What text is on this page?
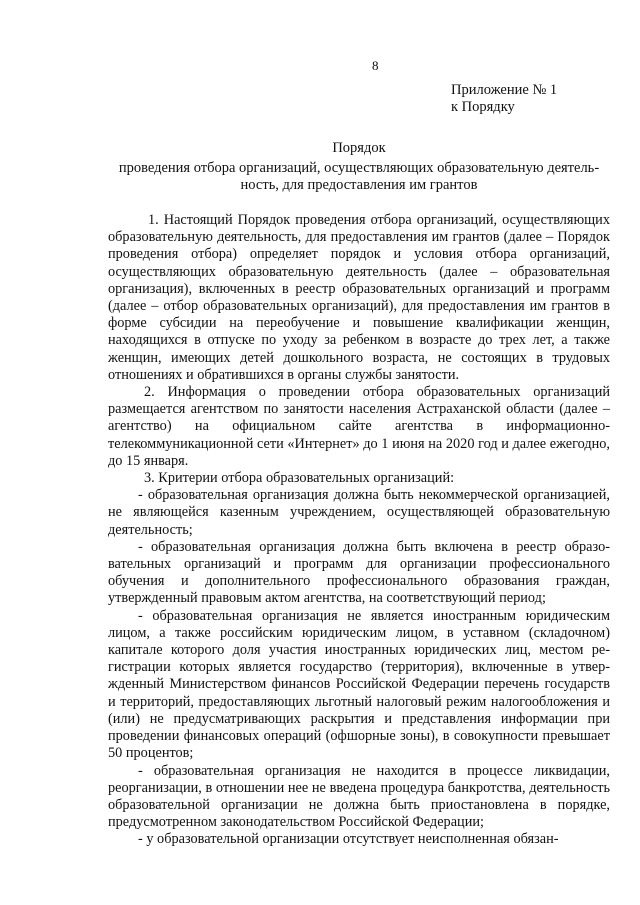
8
Приложение № 1
к Порядку
Порядок
проведения отбора организаций, осуществляющих образовательную деятельность, для предоставления им грантов

1. Настоящий Порядок проведения отбора организаций, осуществляющих образовательную деятельность, для предоставления им грантов (далее – Порядок проведения отбора) определяет порядок и условия отбора организаций, осуществляющих образовательную деятельность (далее – образовательная организация), включенных в реестр образовательных организаций и программ (далее – отбор образовательных организаций), для предоставления им грантов в форме субсидии на переобучение и повышение квалификации женщин, находящихся в отпуске по уходу за ребенком в возрасте до трех лет, а также женщин, имеющих детей дошкольного возраста, не состоящих в трудовых отношениях и обратившихся в органы службы занятости.

2. Информация о проведении отбора образовательных организаций размещается агентством по занятости населения Астраханской области (далее – агентство) на официальном сайте агентства в информационно-телекоммуникационной сети «Интернет» до 1 июня на 2020 год и далее ежегодно, до 15 января.

3. Критерии отбора образовательных организаций:

- образовательная организация должна быть некоммерческой организацией, не являющейся казенным учреждением, осуществляющей образовательную деятельность;

- образовательная организация должна быть включена в реестр образовательных организаций и программ для организации профессионального обучения и дополнительного профессионального образования граждан, утвержденный правовым актом агентства, на соответствующий период;

- образовательная организация не является иностранным юридическим лицом, а также российским юридическим лицом, в уставном (складочном) капитале которого доля участия иностранных юридических лиц, местом регистрации которых является государство (территория), включенные в утвержденный Министерством финансов Российской Федерации перечень государств и территорий, предоставляющих льготный налоговый режим налогообложения и (или) не предусматривающих раскрытия и представления информации при проведении финансовых операций (офшорные зоны), в совокупности превышает 50 процентов;

- образовательная организация не находится в процессе ликвидации, реорганизации, в отношении нее не введена процедура банкротства, деятельность образовательной организации не должна быть приостановлена в порядке, предусмотренном законодательством Российской Федерации;

- у образовательной организации отсутствует неисполненная обязан-
